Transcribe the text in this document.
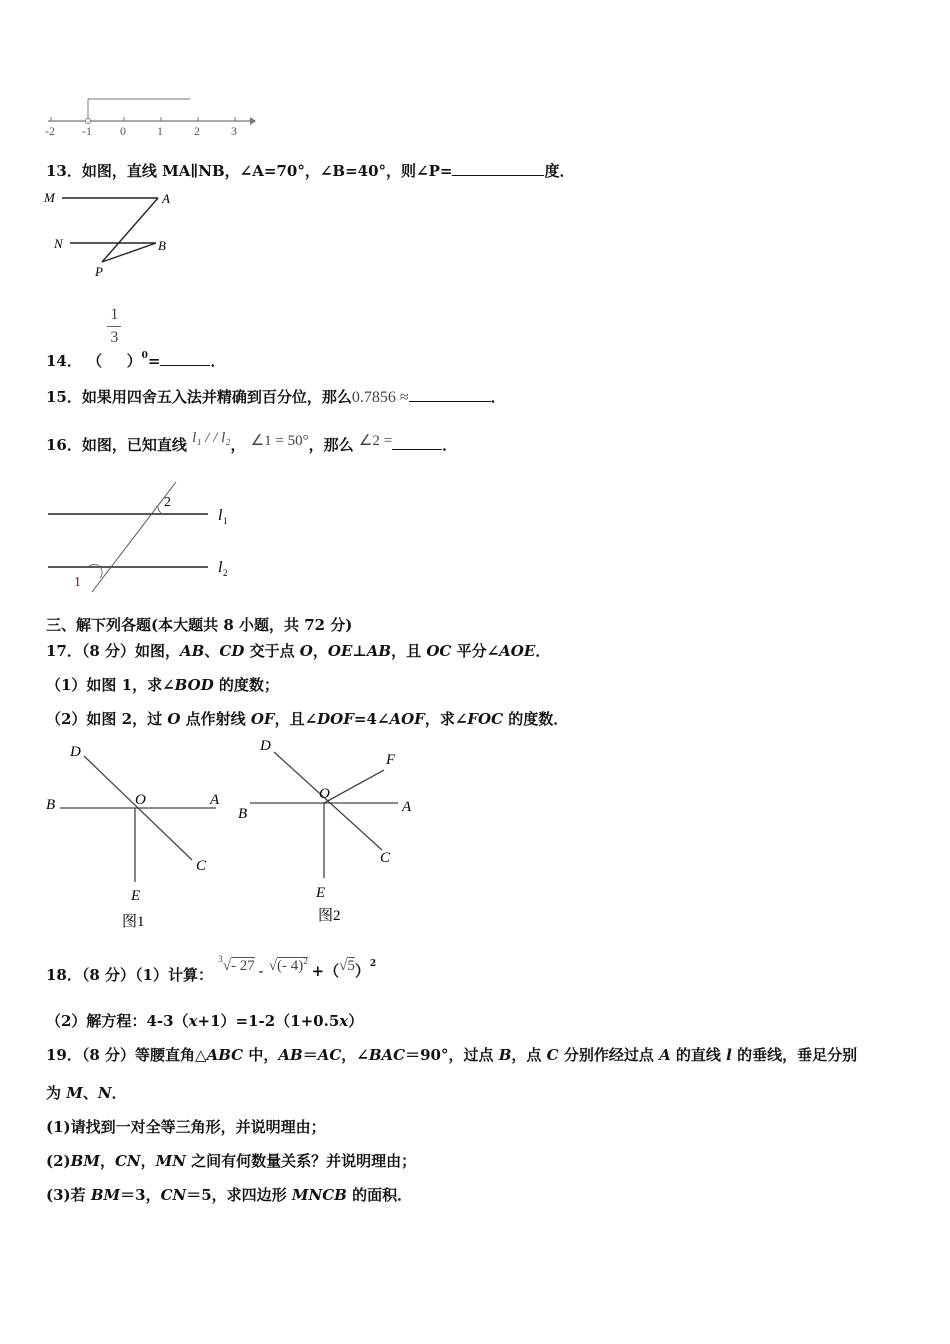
-2 -1 0	1	2	3
13．如图，直线 MA∥NB，∠A=70°，∠B=40°，则∠P=	度．
M	A
N	B
P
14． （
$\frac{1}{3}$
）$^0$=	．
15．如果用四舍五入法并精确到百分位，那么0.7856 ≈	．
16．如图，已知直线 l₁ / / l₂， ∠1 = 50°，那么 ∠2 =	．
2
1
l 1
l 2
三、解下列各题(本大题共 8 小题，共 72 分)
17．（8 分）如图，AB、CD 交于点 O，OE⊥AB，且 OC 平分∠AOE．
（1）如图 1，求∠BOD 的度数；
（2）如图 2，过 O 点作射线 OF，且∠DOF=4∠AOF，求∠FOC 的度数．
D
O	A
B
C
E
图1
D
F
O
A
B
C
E
图2
18．（8 分）（1）计算： $^3$√- 27 - √(- $4)^2 +(√5)^2$
（2）解方程：4-3（x+1）=1-2（1+0.5x）
19．（8 分）等腰直角△ABC 中，AB＝AC，∠BAC＝90°，过点 B，点 C 分别作经过点 A 的直线 l 的垂线，垂足分别
为 M、N．
(1)请找到一对全等三角形，并说明理由；
(2)BM，CN，MN 之间有何数量关系？并说明理由；
(3)若 BM＝3，CN＝5，求四边形 MNCB 的面积．
